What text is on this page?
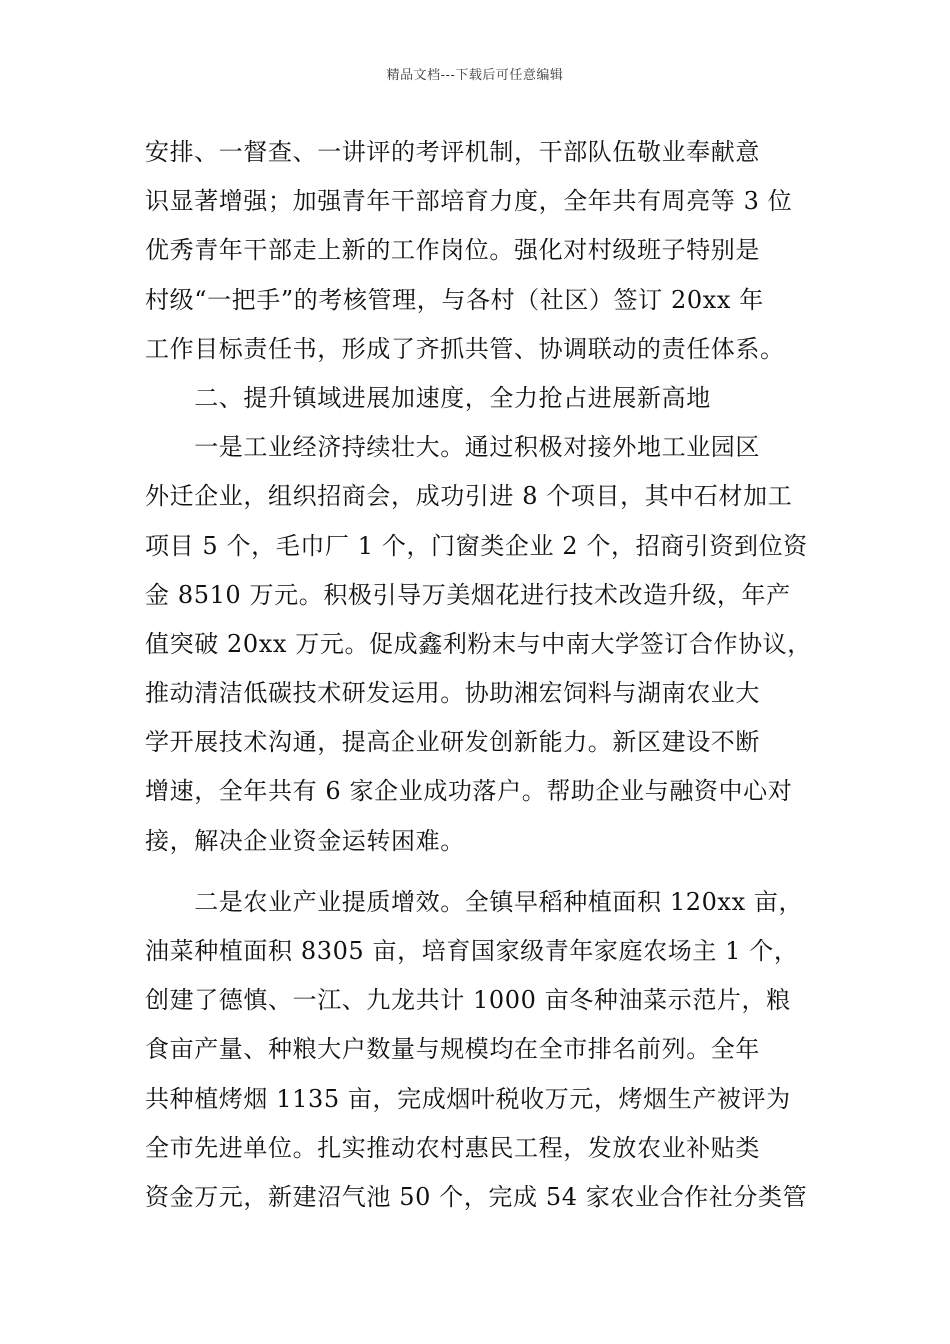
精品文档---下载后可任意编辑
安排、一督查、一讲评的考评机制，干部队伍敬业奉献意
识显著增强；加强青年干部培育力度，全年共有周亮等 3 位
优秀青年干部走上新的工作岗位。强化对村级班子特别是
村级“一把手”的考核管理，与各村（社区）签订 20xx 年
工作目标责任书，形成了齐抓共管、协调联动的责任体系。
　　二、提升镇域进展加速度，全力抢占进展新高地
　　一是工业经济持续壮大。通过积极对接外地工业园区
外迁企业，组织招商会，成功引进 8 个项目，其中石材加工
项目 5 个，毛巾厂 1 个，门窗类企业 2 个，招商引资到位资
金 8510 万元。积极引导万美烟花进行技术改造升级，年产
值突破 20xx 万元。促成鑫利粉末与中南大学签订合作协议，
推动清洁低碳技术研发运用。协助湘宏饲料与湖南农业大
学开展技术沟通，提高企业研发创新能力。新区建设不断
增速，全年共有 6 家企业成功落户。帮助企业与融资中心对
接，解决企业资金运转困难。
　　二是农业产业提质增效。全镇早稻种植面积 120xx 亩，
油菜种植面积 8305 亩，培育国家级青年家庭农场主 1 个，
创建了德慎、一江、九龙共计 1000 亩冬种油菜示范片，粮
食亩产量、种粮大户数量与规模均在全市排名前列。全年
共种植烤烟 1135 亩，完成烟叶税收万元，烤烟生产被评为
全市先进单位。扎实推动农村惠民工程，发放农业补贴类
资金万元，新建沼气池 50 个，完成 54 家农业合作社分类管
